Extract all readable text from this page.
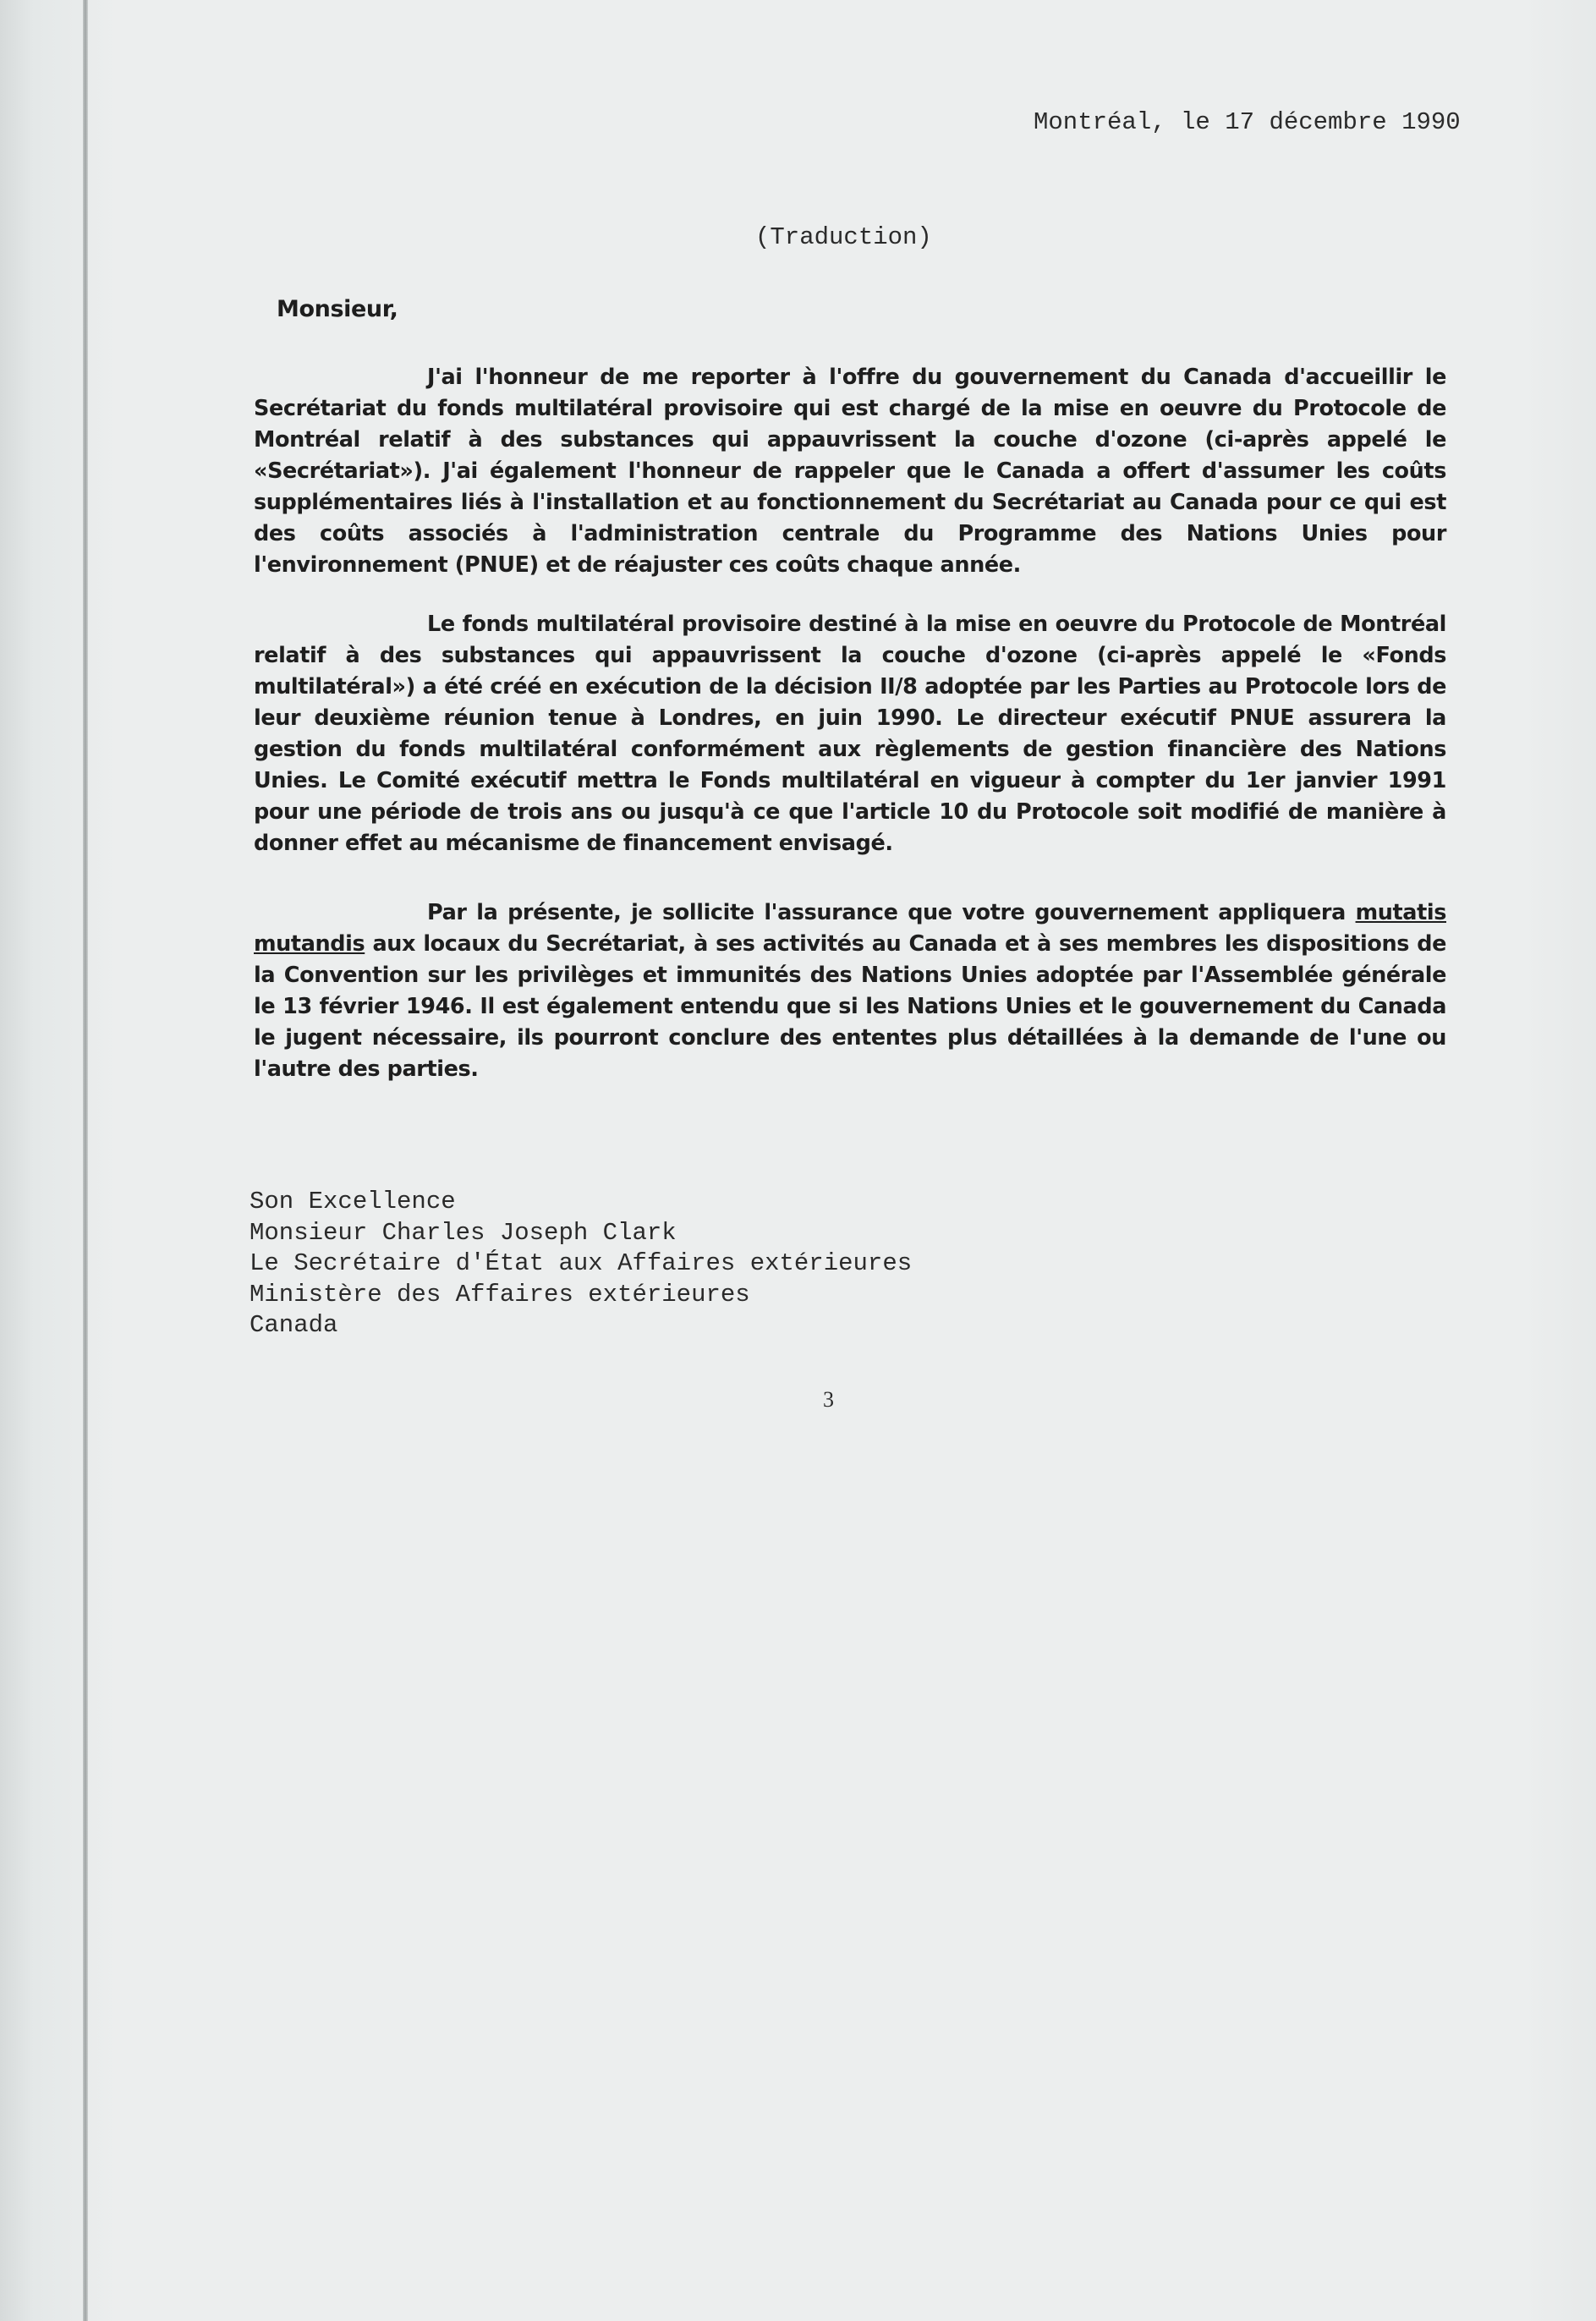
Montréal, le 17 décembre 1990
(Traduction)
Monsieur,

J'ai l'honneur de me reporter à l'offre du gouvernement du Canada d'accueillir le Secrétariat du fonds multilatéral provisoire qui est chargé de la mise en oeuvre du Protocole de Montréal relatif à des substances qui appauvrissent la couche d'ozone (ci-après appelé le «Secrétariat»). J'ai également l'honneur de rappeler que le Canada a offert d'assumer les coûts supplémentaires liés à l'installation et au fonctionnement du Secrétariat au Canada pour ce qui est des coûts associés à l'administration centrale du Programme des Nations Unies pour l'environnement (PNUE) et de réajuster ces coûts chaque année.

Le fonds multilatéral provisoire destiné à la mise en oeuvre du Protocole de Montréal relatif à des substances qui appauvrissent la couche d'ozone (ci-après appelé le «Fonds multilatéral») a été créé en exécution de la décision II/8 adoptée par les Parties au Protocole lors de leur deuxième réunion tenue à Londres, en juin 1990. Le directeur exécutif PNUE assurera la gestion du fonds multilatéral conformément aux règlements de gestion financière des Nations Unies. Le Comité exécutif mettra le Fonds multilatéral en vigueur à compter du 1er janvier 1991 pour une période de trois ans ou jusqu'à ce que l'article 10 du Protocole soit modifié de manière à donner effet au mécanisme de financement envisagé.

Par la présente, je sollicite l'assurance que votre gouvernement appliquera mutatis mutandis aux locaux du Secrétariat, à ses activités au Canada et à ses membres les dispositions de la Convention sur les privilèges et immunités des Nations Unies adoptée par l'Assemblée générale le 13 février 1946. Il est également entendu que si les Nations Unies et le gouvernement du Canada le jugent nécessaire, ils pourront conclure des ententes plus détaillées à la demande de l'une ou l'autre des parties.

Son Excellence
Monsieur Charles Joseph Clark
Le Secrétaire d'État aux Affaires extérieures
Ministère des Affaires extérieures
Canada
3
